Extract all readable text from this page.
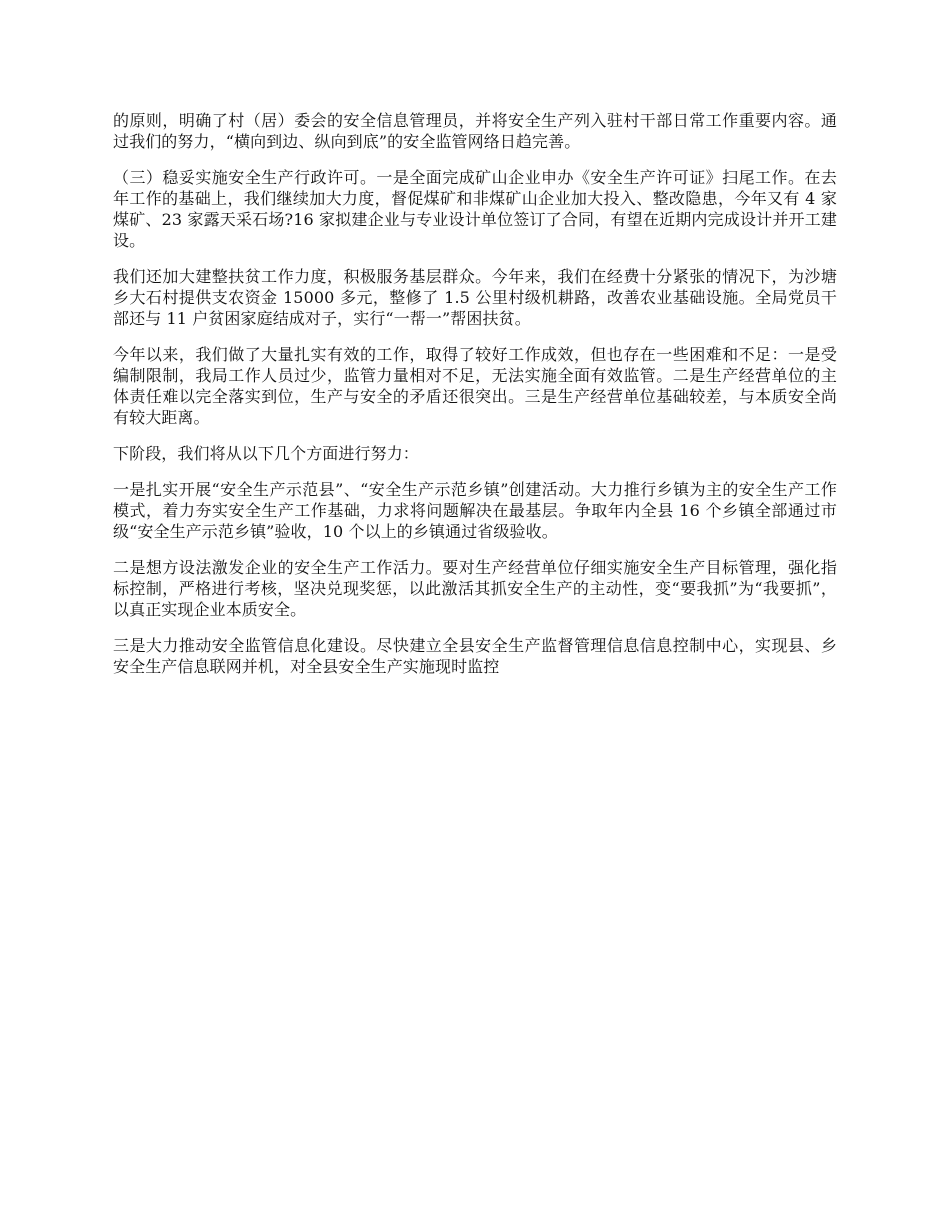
的原则，明确了村（居）委会的安全信息管理员，并将安全生产列入驻村干部日常工作重要内容。通过我们的努力，“横向到边、纵向到底”的安全监管网络日趋完善。

（三）稳妥实施安全生产行政许可。一是全面完成矿山企业申办《安全生产许可证》扫尾工作。在去年工作的基础上，我们继续加大力度，督促煤矿和非煤矿山企业加大投入、整改隐患，今年又有 4 家煤矿、23 家露天采石场?16 家拟建企业与专业设计单位签订了合同，有望在近期内完成设计并开工建设。

我们还加大建整扶贫工作力度，积极服务基层群众。今年来，我们在经费十分紧张的情况下，为沙塘乡大石村提供支农资金 15000 多元，整修了 1.5 公里村级机耕路，改善农业基础设施。全局党员干部还与 11 户贫困家庭结成对子，实行“一帮一”帮困扶贫。

今年以来，我们做了大量扎实有效的工作，取得了较好工作成效，但也存在一些困难和不足：一是受编制限制，我局工作人员过少，监管力量相对不足，无法实施全面有效监管。二是生产经营单位的主体责任难以完全落实到位，生产与安全的矛盾还很突出。三是生产经营单位基础较差，与本质安全尚有较大距离。

下阶段，我们将从以下几个方面进行努力：

一是扎实开展“安全生产示范县”、“安全生产示范乡镇”创建活动。大力推行乡镇为主的安全生产工作模式，着力夯实安全生产工作基础，力求将问题解决在最基层。争取年内全县 16 个乡镇全部通过市级“安全生产示范乡镇”验收，10 个以上的乡镇通过省级验收。

二是想方设法激发企业的安全生产工作活力。要对生产经营单位仔细实施安全生产目标管理，强化指标控制，严格进行考核，坚决兑现奖惩，以此激活其抓安全生产的主动性，变“要我抓”为“我要抓”，以真正实现企业本质安全。

三是大力推动安全监管信息化建设。尽快建立全县安全生产监督管理信息信息控制中心，实现县、乡安全生产信息联网并机，对全县安全生产实施现时监控
